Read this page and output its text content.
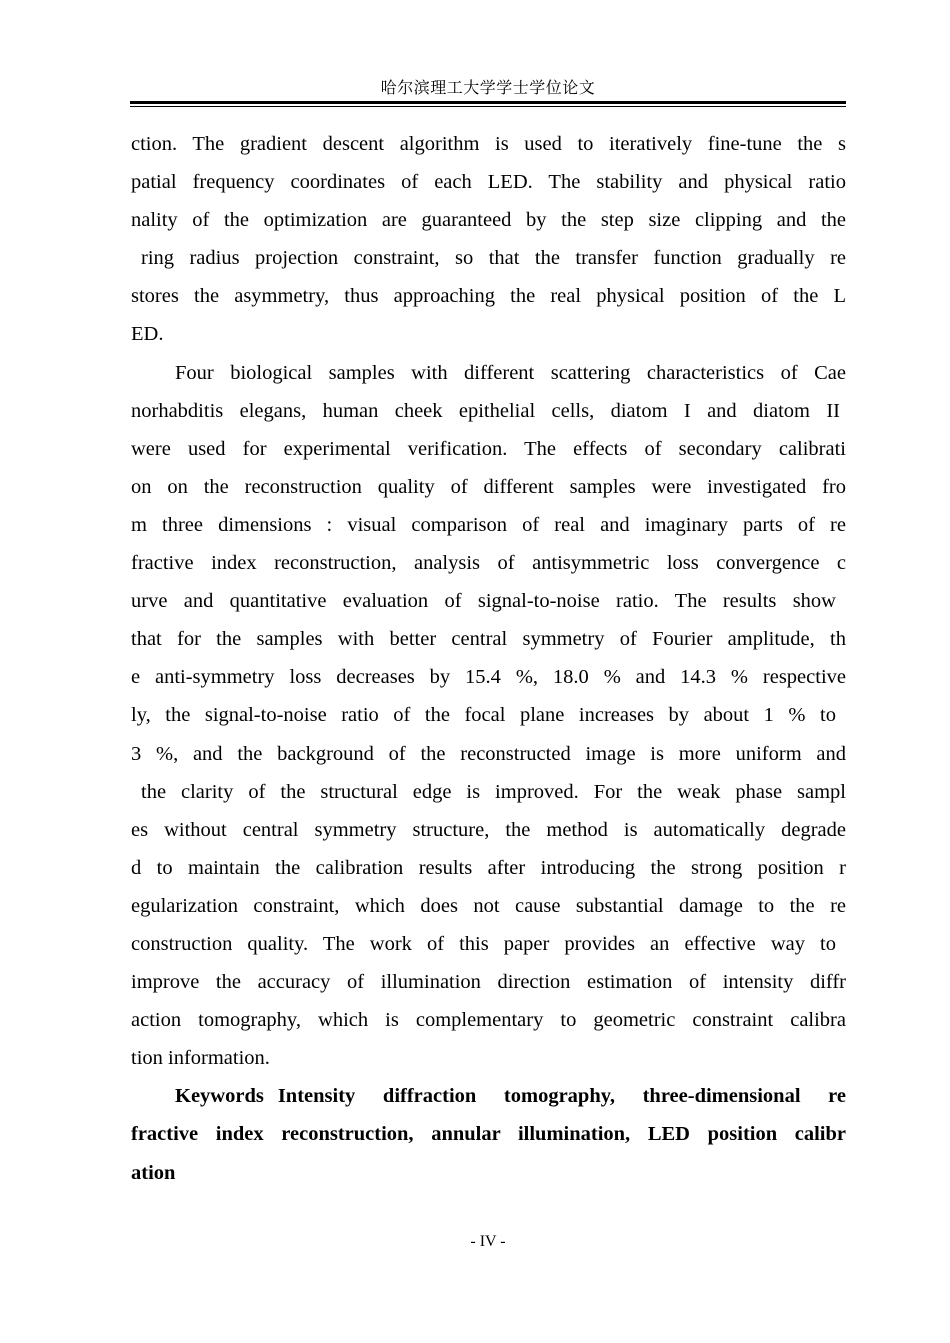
哈尔滨理工大学学士学位论文
ction. The gradient descent algorithm is used to iteratively fine-tune the s
patial frequency coordinates of each LED. The stability and physical ratio
nality of the optimization are guaranteed by the step size clipping and the
ring radius projection constraint, so that the transfer function gradually re
stores the asymmetry, thus approaching the real physical position of the L
ED.
Four biological samples with different scattering characteristics of Cae
norhabditis elegans, human cheek epithelial cells, diatom I and diatom II
were used for experimental verification. The effects of secondary calibrati
on on the reconstruction quality of different samples were investigated fro
m three dimensions : visual comparison of real and imaginary parts of re
fractive index reconstruction, analysis of antisymmetric loss convergence c
urve and quantitative evaluation of signal-to-noise ratio. The results show
that for the samples with better central symmetry of Fourier amplitude, th
e anti-symmetry loss decreases by 15.4 %, 18.0 % and 14.3 % respective
ly, the signal-to-noise ratio of the focal plane increases by about 1 % to
3 %, and the background of the reconstructed image is more uniform and
the clarity of the structural edge is improved. For the weak phase sampl
es without central symmetry structure, the method is automatically degrade
d to maintain the calibration results after introducing the strong position r
egularization constraint, which does not cause substantial damage to the re
construction quality. The work of this paper provides an effective way to
improve the accuracy of illumination direction estimation of intensity diffr
action tomography, which is complementary to geometric constraint calibra
tion information.
Keywords Intensity diffraction tomography, three-dimensional re
fractive index reconstruction, annular illumination, LED position calibr
ation
- IV -
